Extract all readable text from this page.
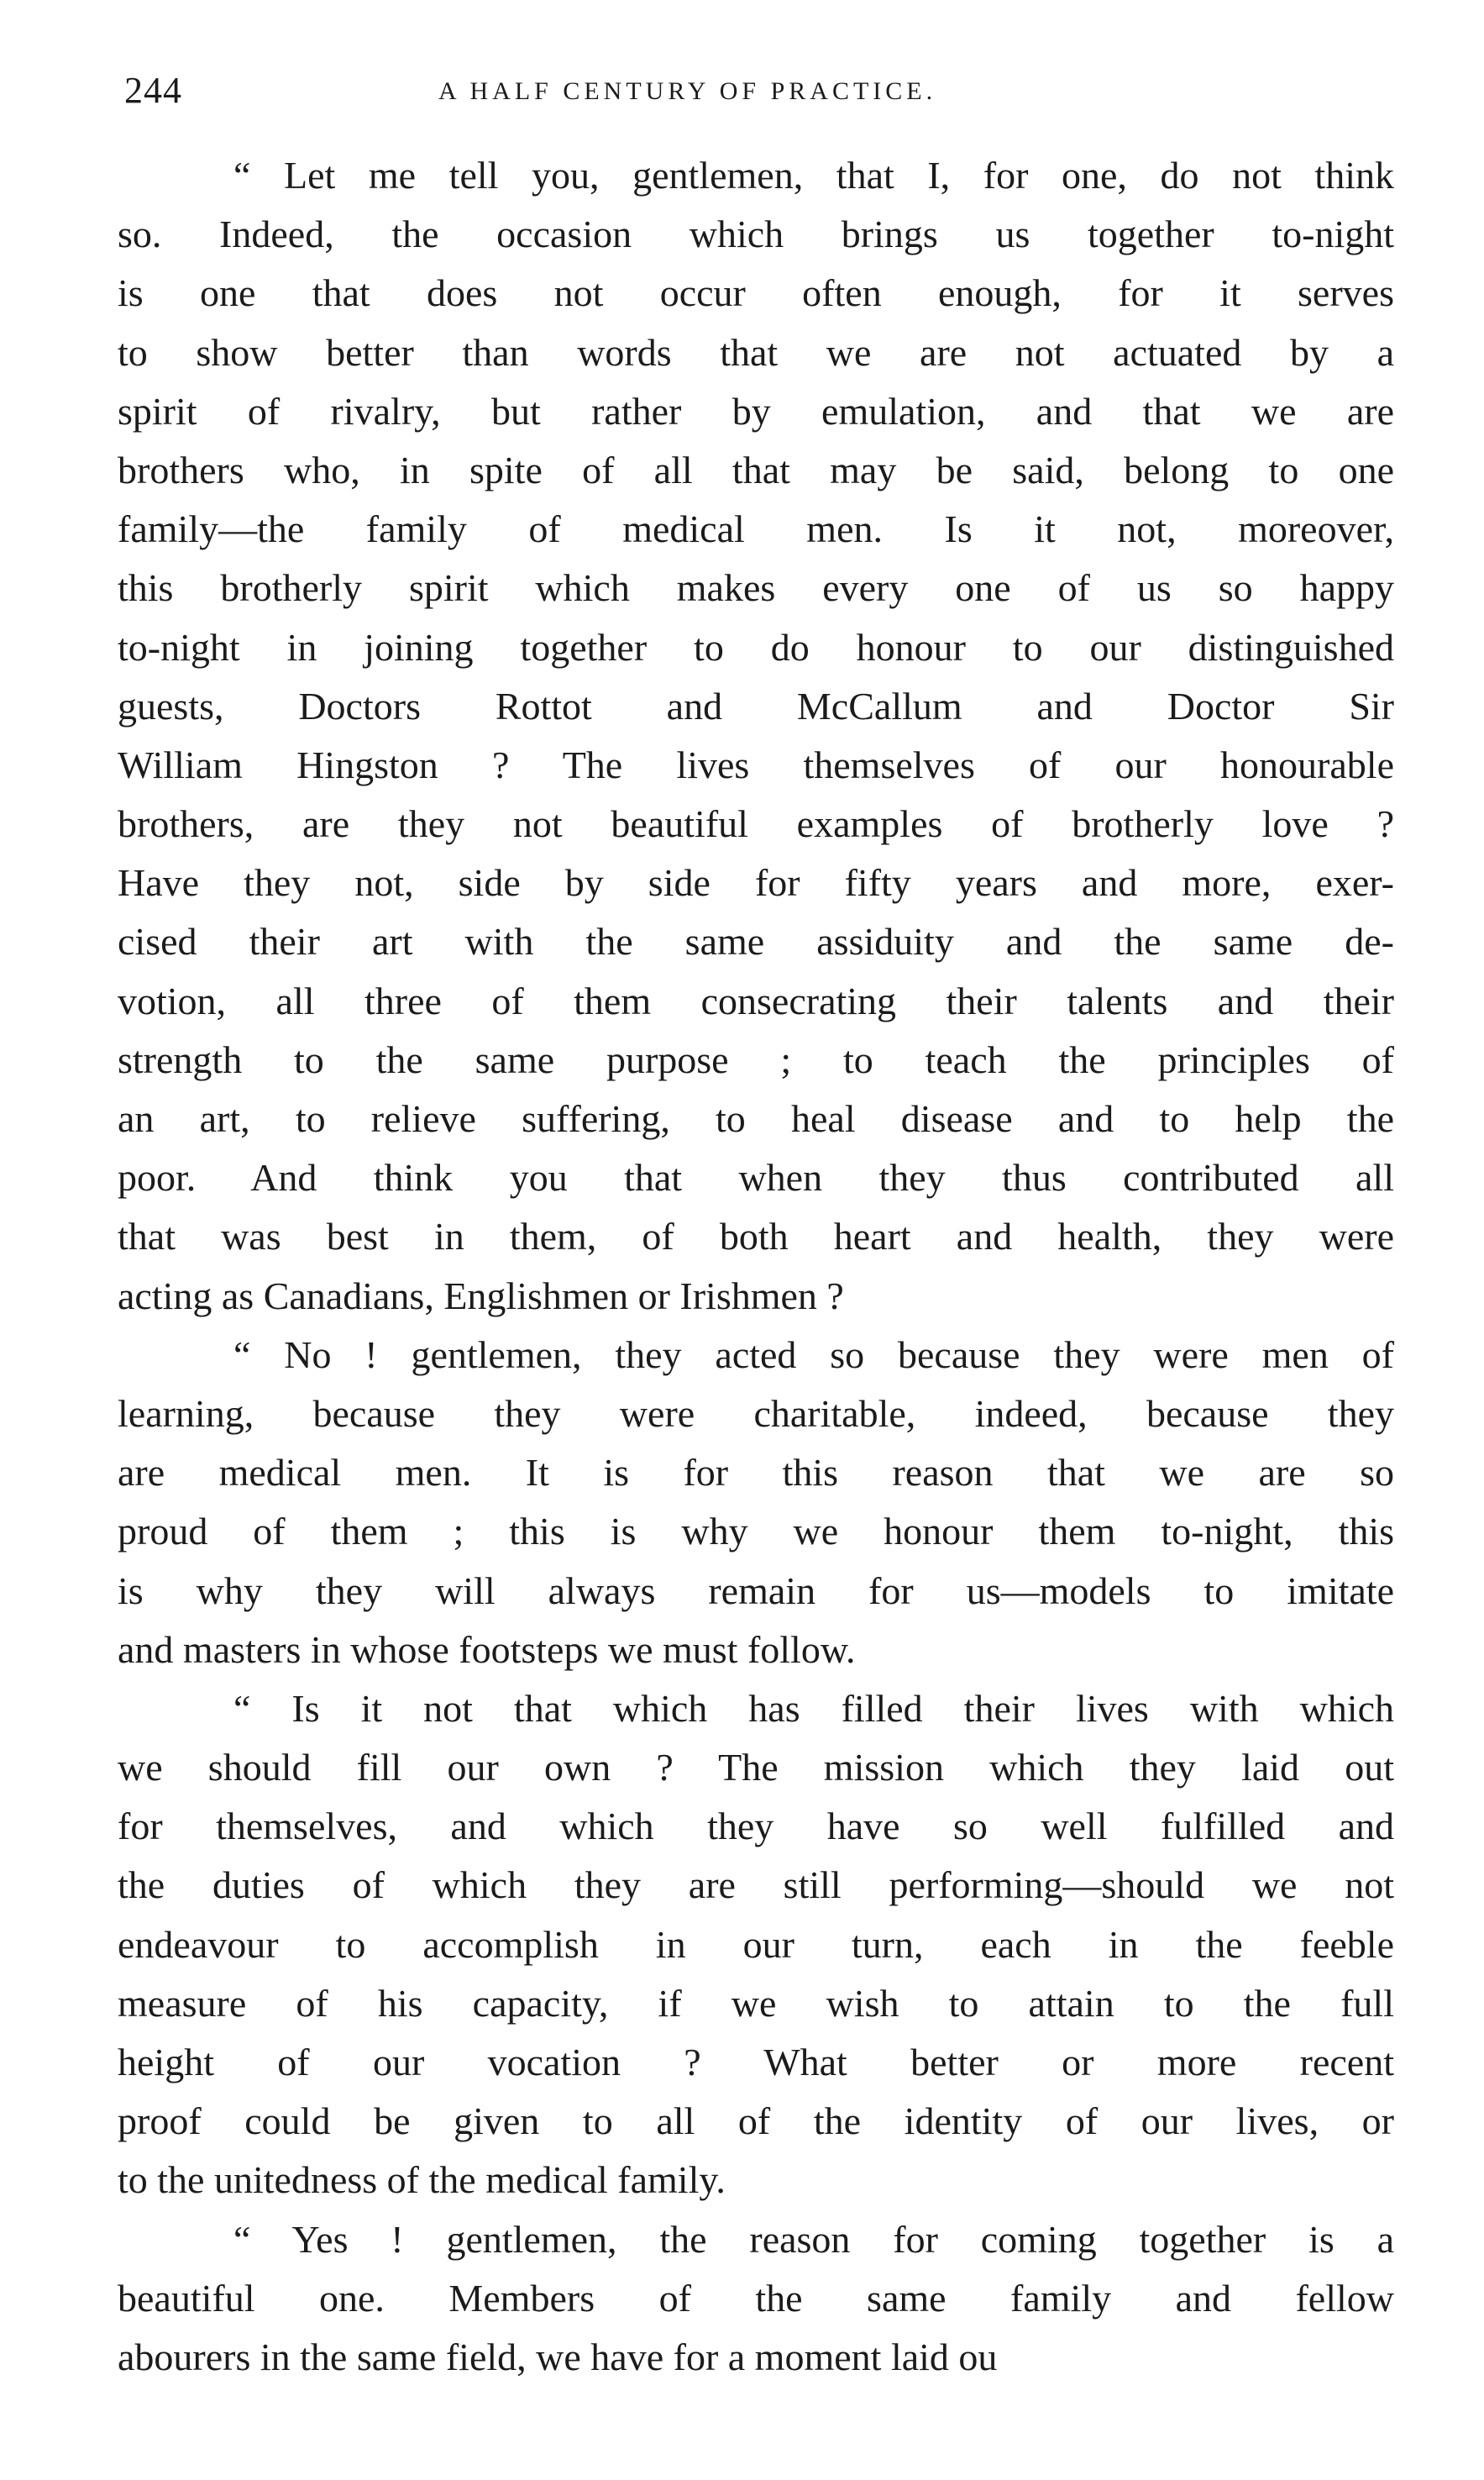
244	A HALF CENTURY OF PRACTICE.
“ Let me tell you, gentlemen, that I, for one, do not think
so. Indeed, the occasion which brings us together to-night
is one that does not occur often enough, for it serves
to show better than words that we are not actuated by a
spirit of rivalry, but rather by emulation, and that we are
brothers who, in spite of all that may be said, belong to one
family—the family of medical men. Is it not, moreover,
this brotherly spirit which makes every one of us so happy
to-night in joining together to do honour to our distinguished
guests, Doctors Rottot and McCallum and Doctor Sir
William Hingston ? The lives themselves of our honourable
brothers, are they not beautiful examples of brotherly love ?
Have they not, side by side for fifty years and more, exer-
cised their art with the same assiduity and the same de-
votion, all three of them consecrating their talents and their
strength to the same purpose ; to teach the principles of
an art, to relieve suffering, to heal disease and to help the
poor. And think you that when they thus contributed all
that was best in them, of both heart and health, they were
acting as Canadians, Englishmen or Irishmen ?
“ No ! gentlemen, they acted so because they were men of
learning, because they were charitable, indeed, because they
are medical men. It is for this reason that we are so
proud of them ; this is why we honour them to-night, this
is why they will always remain for us—models to imitate
and masters in whose footsteps we must follow.
“ Is it not that which has filled their lives with which
we should fill our own ? The mission which they laid out
for themselves, and which they have so well fulfilled and
the duties of which they are still performing—should we not
endeavour to accomplish in our turn, each in the feeble
measure of his capacity, if we wish to attain to the full
height of our vocation ? What better or more recent
proof could be given to all of the identity of our lives, or
to the unitedness of the medical family.
“ Yes ! gentlemen, the reason for coming together is a
beautiful one. Members of the same family and fellow
abourers in the same field, we have for a moment laid ou
